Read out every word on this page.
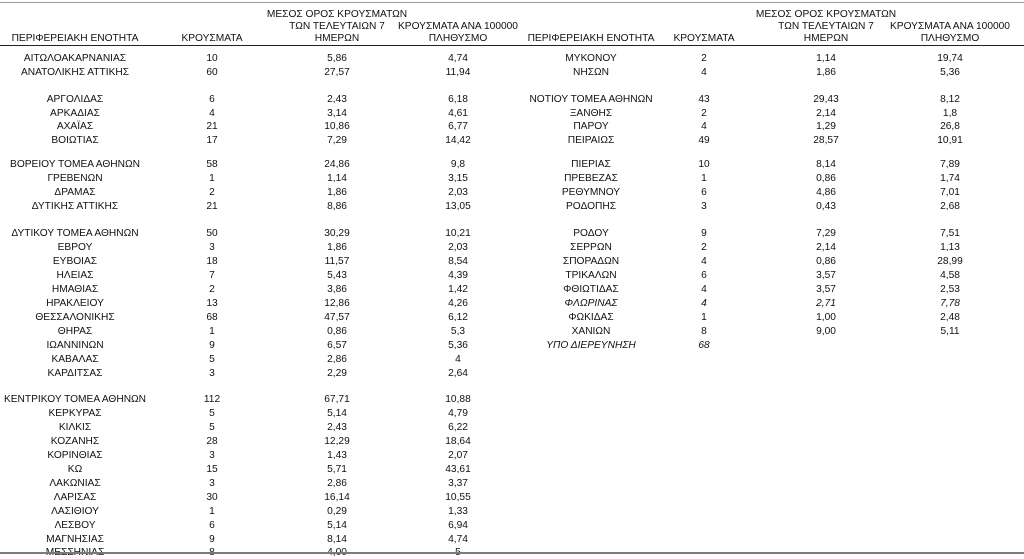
ΠΕΡΙΦΕΡΕΙΑΚΗ ΕΝΟΤΗΤΑ	ΚΡΟΥΣΜΑΤΑ
ΜΕΣΟΣ ΟΡΟΣ ΚΡΟΥΣΜΑΤΩΝ
ΤΩΝ ΤΕΛΕΥΤΑΙΩΝ 7
ΗΜΕΡΩΝ
ΚΡΟΥΣΜΑΤΑ ΑΝΑ 100000
ΠΛΗΘΥΣΜΟ	ΠΕΡΙΦΕΡΕΙΑΚΗ ΕΝΟΤΗΤΑ	ΚΡΟΥΣΜΑΤΑ
ΜΕΣΟΣ ΟΡΟΣ ΚΡΟΥΣΜΑΤΩΝ
ΤΩΝ ΤΕΛΕΥΤΑΙΩΝ 7
ΗΜΕΡΩΝ
ΚΡΟΥΣΜΑΤΑ ΑΝΑ 100000
ΠΛΗΘΥΣΜΟ
ΑΙΤΩΛΟΑΚΑΡΝΑΝΙΑΣ	10	5,86	4,74
ΑΝΑΤΟΛΙΚΗΣ ΑΤΤΙΚΗΣ	60	27,57	11,94
ΑΡΓΟΛΙΔΑΣ	6	2,43	6,18
ΑΡΚΑΔΙΑΣ	4	3,14	4,61
ΑΧΑΪΑΣ	21	10,86	6,77
ΒΟΙΩΤΙΑΣ	17	7,29	14,42
ΒΟΡΕΙΟΥ ΤΟΜΕΑ ΑΘΗΝΩΝ	58	24,86	9,8
ΓΡΕΒΕΝΩΝ	1	1,14	3,15
ΔΡΑΜΑΣ	2	1,86	2,03
ΔΥΤΙΚΗΣ ΑΤΤΙΚΗΣ	21	8,86	13,05
ΔΥΤΙΚΟΥ ΤΟΜΕΑ ΑΘΗΝΩΝ	50	30,29	10,21
ΕΒΡΟΥ	3	1,86	2,03
ΕΥΒΟΙΑΣ	18	11,57	8,54
ΗΛΕΙΑΣ	7	5,43	4,39
ΗΜΑΘΙΑΣ	2	3,86	1,42
ΗΡΑΚΛΕΙΟΥ	13	12,86	4,26
ΘΕΣΣΑΛΟΝΙΚΗΣ	68	47,57	6,12
ΘΗΡΑΣ	1	0,86	5,3
ΙΩΑΝΝΙΝΩΝ	9	6,57	5,36
ΚΑΒΑΛΑΣ	5	2,86	4
ΚΑΡΔΙΤΣΑΣ	3	2,29	2,64
ΚΕΝΤΡΙΚΟΥ ΤΟΜΕΑ ΑΘΗΝΩΝ	112	67,71	10,88
ΚΕΡΚΥΡΑΣ	5	5,14	4,79
ΚΙΛΚΙΣ	5	2,43	6,22
ΚΟΖΑΝΗΣ	28	12,29	18,64
ΚΟΡΙΝΘΙΑΣ	3	1,43	2,07
ΚΩ	15	5,71	43,61
ΛΑΚΩΝΙΑΣ	3	2,86	3,37
ΛΑΡΙΣΑΣ	30	16,14	10,55
ΛΑΣΙΘΙΟΥ	1	0,29	1,33
ΛΕΣΒΟΥ	6	5,14	6,94
ΜΑΓΝΗΣΙΑΣ	9	8,14	4,74
ΜΕΣΣΗΝΙΑΣ	8	4,00	5
ΜΥΚΟΝΟΥ	2	1,14	19,74
ΝΗΣΩΝ	4	1,86	5,36
ΝΟΤΙΟΥ ΤΟΜΕΑ ΑΘΗΝΩΝ	43	29,43	8,12
ΞΑΝΘΗΣ	2	2,14	1,8
ΠΑΡΟΥ	4	1,29	26,8
ΠΕΙΡΑΙΩΣ	49	28,57	10,91
ΠΙΕΡΙΑΣ	10	8,14	7,89
ΠΡΕΒΕΖΑΣ	1	0,86	1,74
ΡΕΘΥΜΝΟΥ	6	4,86	7,01
ΡΟΔΟΠΗΣ	3	0,43	2,68
ΡΟΔΟΥ	9	7,29	7,51
ΣΕΡΡΩΝ	2	2,14	1,13
ΣΠΟΡΑΔΩΝ	4	0,86	28,99
ΤΡΙΚΑΛΩΝ	6	3,57	4,58
ΦΘΙΩΤΙΔΑΣ	4	3,57	2,53
ΦΛΩΡΙΝΑΣ	4	2,71	7,78
ΦΩΚΙΔΑΣ	1	1,00	2,48
ΧΑΝΙΩΝ	8	9,00	5,11
ΥΠΟ ΔΙΕΡΕΥΝΗΣΗ	68
